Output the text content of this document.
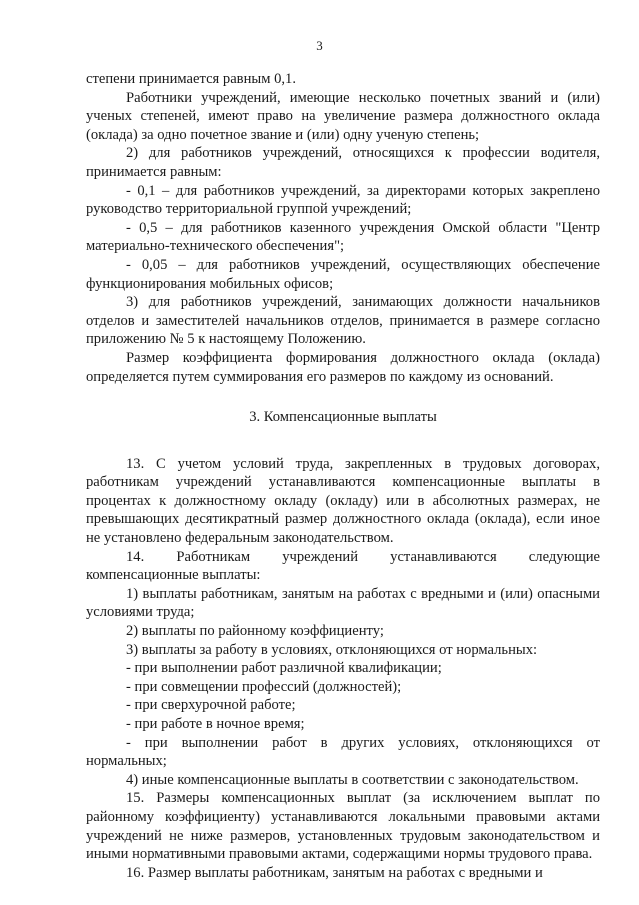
3

степени принимается равным 0,1.

Работники учреждений, имеющие несколько почетных званий и (или) ученых степеней, имеют право на увеличение размера должностного оклада (оклада) за одно почетное звание и (или) одну ученую степень;

2) для работников учреждений, относящихся к профессии водителя, принимается равным:

- 0,1 – для работников учреждений, за директорами которых закреплено руководство территориальной группой учреждений;

- 0,5 – для работников казенного учреждения Омской области "Центр материально-технического обеспечения";

- 0,05 – для работников учреждений, осуществляющих обеспечение функционирования мобильных офисов;

3) для работников учреждений, занимающих должности начальников отделов и заместителей начальников отделов, принимается в размере согласно приложению № 5 к настоящему Положению.

Размер коэффициента формирования должностного оклада (оклада) определяется путем суммирования его размеров по каждому из оснований.

3. Компенсационные выплаты

13. С учетом условий труда, закрепленных в трудовых договорах, работникам учреждений устанавливаются компенсационные выплаты в процентах к должностному окладу (окладу) или в абсолютных размерах, не превышающих десятикратный размер должностного оклада (оклада), если иное не установлено федеральным законодательством.

14. Работникам учреждений устанавливаются следующие компенсационные выплаты:

1) выплаты работникам, занятым на работах с вредными и (или) опасными условиями труда;

2) выплаты по районному коэффициенту;

3) выплаты за работу в условиях, отклоняющихся от нормальных:

- при выполнении работ различной квалификации;

- при совмещении профессий (должностей);

- при сверхурочной работе;

- при работе в ночное время;

- при выполнении работ в других условиях, отклоняющихся от нормальных;

4) иные компенсационные выплаты в соответствии с законодательством.

15. Размеры компенсационных выплат (за исключением выплат по районному коэффициенту) устанавливаются локальными правовыми актами учреждений не ниже размеров, установленных трудовым законодательством и иными нормативными правовыми актами, содержащими нормы трудового права.

16. Размер выплаты работникам, занятым на работах с вредными и
